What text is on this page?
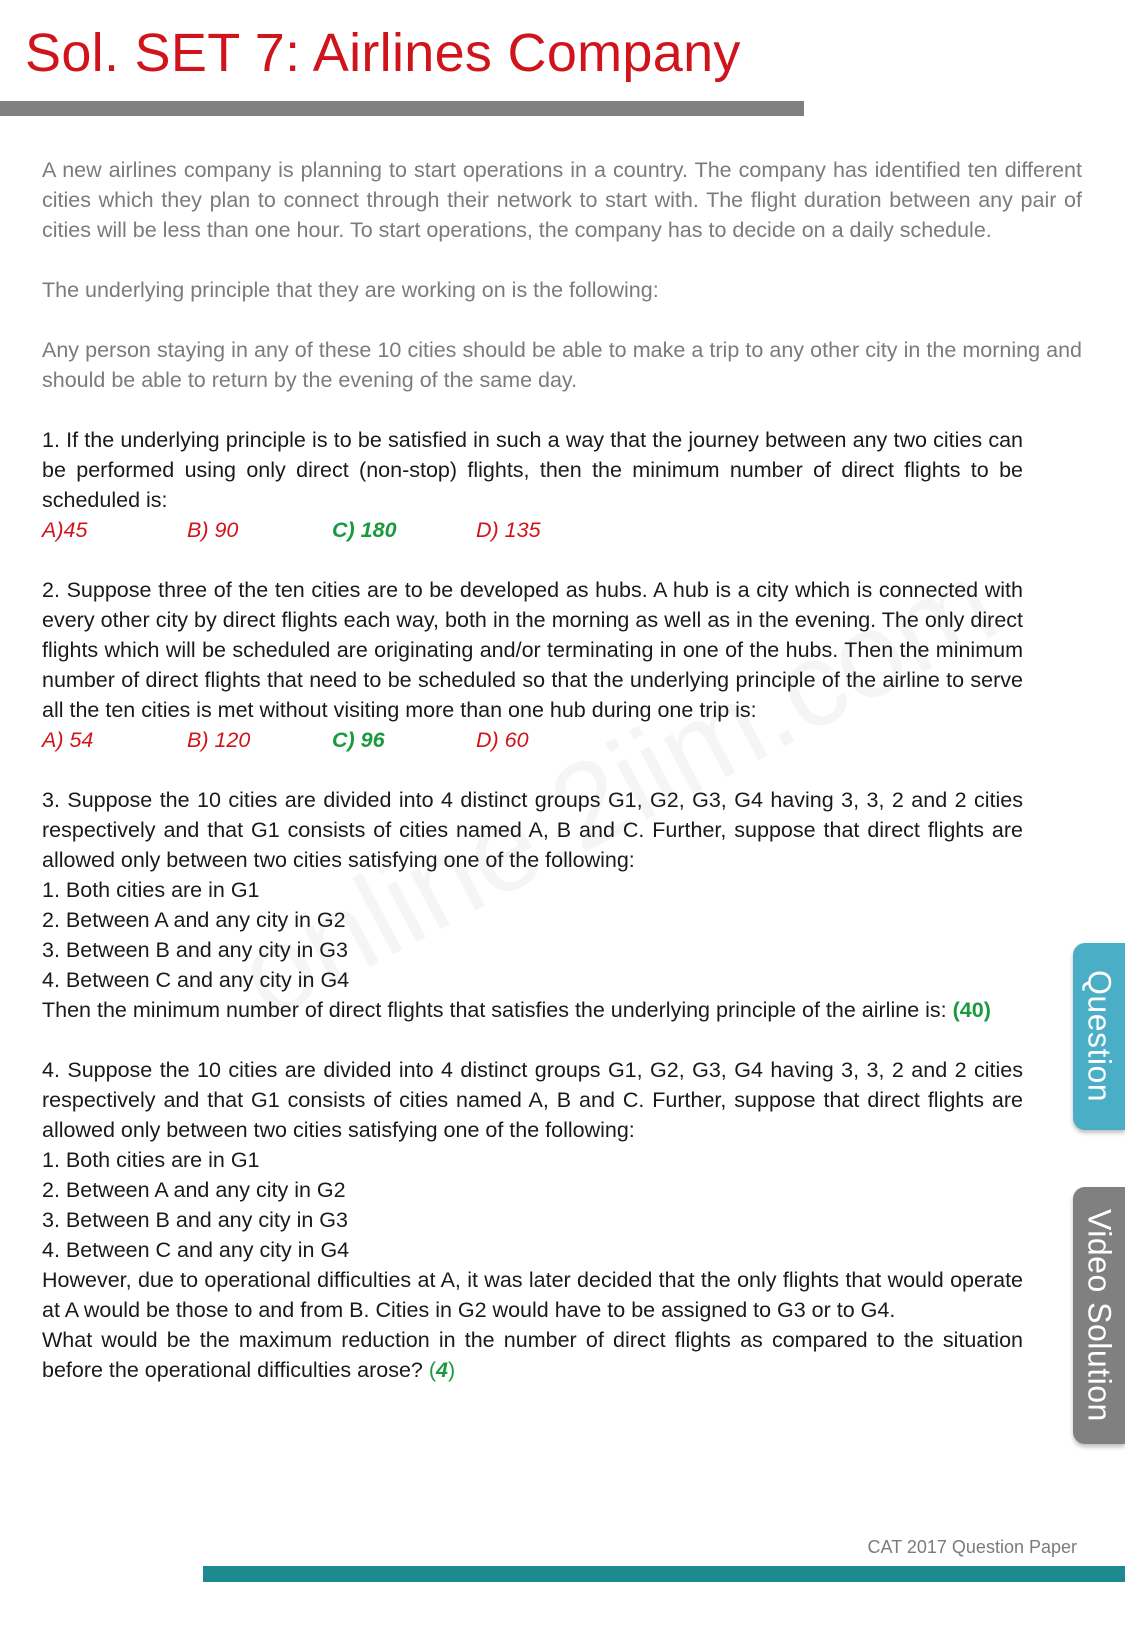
Sol. SET 7: Airlines Company

A new airlines company is planning to start operations in a country. The company has identified ten different cities which they plan to connect through their network to start with. The flight duration between any pair of cities will be less than one hour. To start operations, the company has to decide on a daily schedule.

The underlying principle that they are working on is the following:

Any person staying in any of these 10 cities should be able to make a trip to any other city in the morning and should be able to return by the evening of the same day.

1. If the underlying principle is to be satisfied in such a way that the journey between any two cities can be performed using only direct (non-stop) flights, then the minimum number of direct flights to be scheduled is:
A)45	B) 90	C) 180	D) 135
2. Suppose three of the ten cities are to be developed as hubs. A hub is a city which is connected with every other city by direct flights each way, both in the morning as well as in the evening. The only direct flights which will be scheduled are originating and/or terminating in one of the hubs. Then the minimum number of direct flights that need to be scheduled so that the underlying principle of the airline to serve all the ten cities is met without visiting more than one hub during one trip is:
A) 54	B) 120	C) 96	D) 60
3. Suppose the 10 cities are divided into 4 distinct groups G1, G2, G3, G4 having 3, 3, 2 and 2 cities respectively and that G1 consists of cities named A, B and C. Further, suppose that direct flights are allowed only between two cities satisfying one of the following:
1. Both cities are in G1
2. Between A and any city in G2
3. Between B and any city in G3
4. Between C and any city in G4
Then the minimum number of direct flights that satisfies the underlying principle of the airline is: (40)
4. Suppose the 10 cities are divided into 4 distinct groups G1, G2, G3, G4 having 3, 3, 2 and 2 cities respectively and that G1 consists of cities named A, B and C. Further, suppose that direct flights are allowed only between two cities satisfying one of the following:
1. Both cities are in G1
2. Between A and any city in G2
3. Between B and any city in G3
4. Between C and any city in G4
However, due to operational difficulties at A, it was later decided that the only flights that would operate at A would be those to and from B. Cities in G2 would have to be assigned to G3 or to G4.
What would be the maximum reduction in the number of direct flights as compared to the situation before the operational difficulties arose? (4)
Question
Video Solution
CAT 2017 Question Paper
